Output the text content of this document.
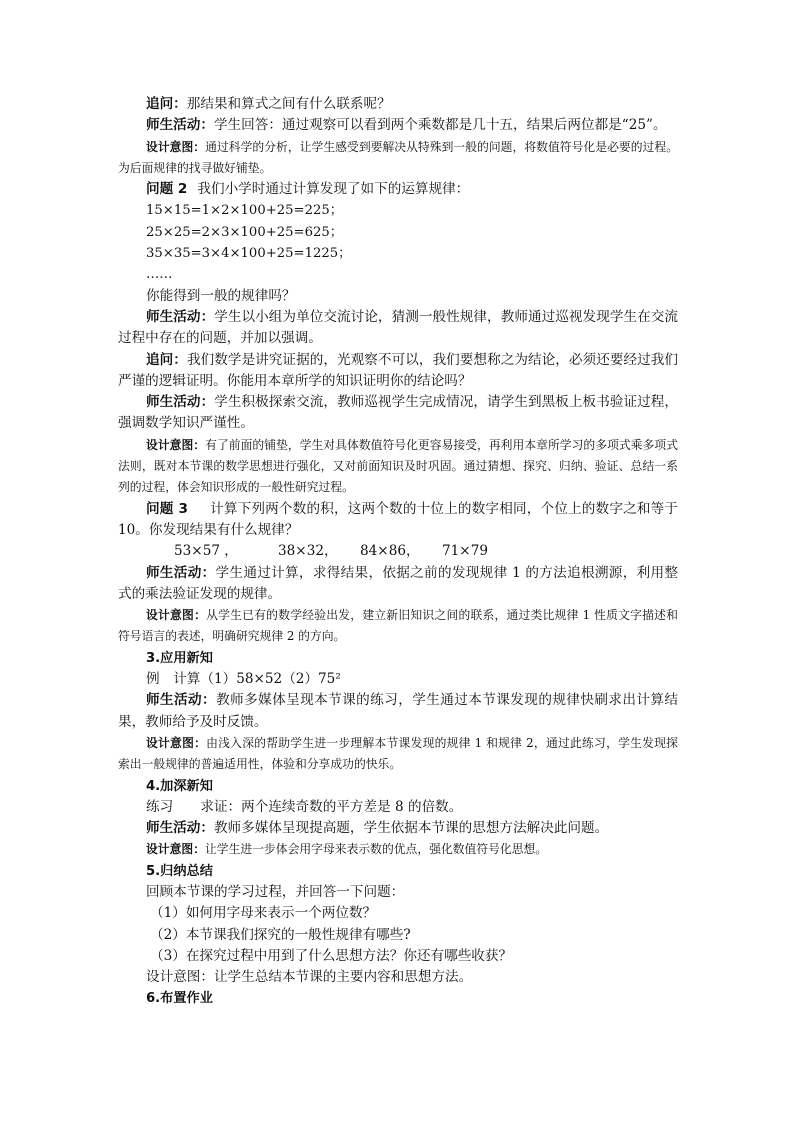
追问：那结果和算式之间有什么联系呢？

师生活动：学生回答：通过观察可以看到两个乘数都是几十五，结果后两位都是“25”。

设计意图：通过科学的分析，让学生感受到要解决从特殊到一般的问题，将数值符号化是必要的过程。为后面规律的找寻做好铺垫。

问题 2 我们小学时通过计算发现了如下的运算规律：

15×15=1×2×100+25=225；

25×25=2×3×100+25=625；

35×35=3×4×100+25=1225；

……

你能得到一般的规律吗？

师生活动：学生以小组为单位交流讨论，猜测一般性规律，教师通过巡视发现学生在交流过程中存在的问题，并加以强调。

追问：我们数学是讲究证据的，光观察不可以，我们要想称之为结论，必须还要经过我们严谨的逻辑证明。你能用本章所学的知识证明你的结论吗？

师生活动：学生积极探索交流，教师巡视学生完成情况，请学生到黑板上板书验证过程，强调数学知识严谨性。

设计意图：有了前面的铺垫，学生对具体数值符号化更容易接受，再利用本章所学习的多项式乘多项式法则，既对本节课的数学思想进行强化，又对前面知识及时巩固。通过猜想、探究、归纳、验证、总结一系列的过程，体会知识形成的一般性研究过程。

问题 3 计算下列两个数的积，这两个数的十位上的数字相同，个位上的数字之和等于 10。你发现结果有什么规律？

53×57 ，	38×32， 84×86， 71×79

师生活动：学生通过计算，求得结果，依据之前的发现规律 1 的方法追根溯源，利用整式的乘法验证发现的规律。

设计意图：从学生已有的数学经验出发，建立新旧知识之间的联系，通过类比规律 1 性质文字描述和符号语言的表述，明确研究规律 2 的方向。

3.应用新知

例　计算（1）58×52（2）75²

师生活动：教师多媒体呈现本节课的练习，学生通过本节课发现的规律快刷求出计算结果，教师给予及时反馈。

设计意图：由浅入深的帮助学生进一步理解本节课发现的规律 1 和规律 2，通过此练习，学生发现探索出一般规律的普遍适用性，体验和分享成功的快乐。

4.加深新知

练习　　求证：两个连续奇数的平方差是 8 的倍数。

师生活动：教师多媒体呈现提高题，学生依据本节课的思想方法解决此问题。

设计意图：让学生进一步体会用字母来表示数的优点，强化数值符号化思想。

5.归纳总结

回顾本节课的学习过程，并回答一下问题：

（1）如何用字母来表示一个两位数？

（2）本节课我们探究的一般性规律有哪些?

（3）在探究过程中用到了什么思想方法？你还有哪些收获？

设计意图：让学生总结本节课的主要内容和思想方法。

6.布置作业
